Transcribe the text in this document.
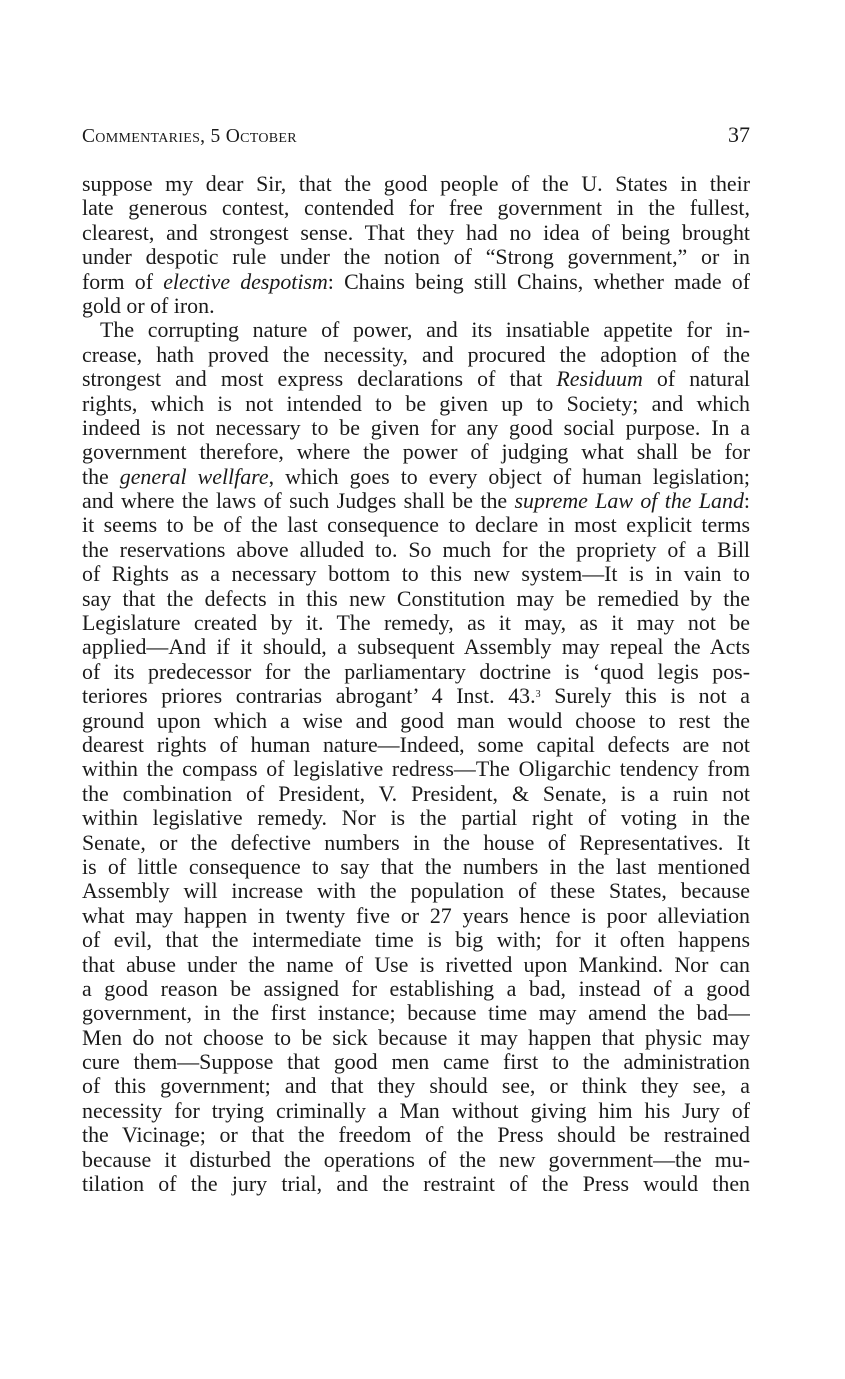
Commentaries, 5 October	37
suppose my dear Sir, that the good people of the U. States in their
late generous contest, contended for free government in the fullest,
clearest, and strongest sense. That they had no idea of being brought
under despotic rule under the notion of “Strong government,” or in
form of elective despotism: Chains being still Chains, whether made of
gold or of iron.
The corrupting nature of power, and its insatiable appetite for in-
crease, hath proved the necessity, and procured the adoption of the
strongest and most express declarations of that Residuum of natural
rights, which is not intended to be given up to Society; and which
indeed is not necessary to be given for any good social purpose. In a
government therefore, where the power of judging what shall be for
the general wellfare, which goes to every object of human legislation;
and where the laws of such Judges shall be the supreme Law of the Land:
it seems to be of the last consequence to declare in most explicit terms
the reservations above alluded to. So much for the propriety of a Bill
of Rights as a necessary bottom to this new system—It is in vain to
say that the defects in this new Constitution may be remedied by the
Legislature created by it. The remedy, as it may, as it may not be
applied—And if it should, a subsequent Assembly may repeal the Acts
of its predecessor for the parliamentary doctrine is ‘quod legis pos-
teriores priores contrarias abrogant’ 4 Inst. 43.$^3$ Surely this is not a
ground upon which a wise and good man would choose to rest the
dearest rights of human nature—Indeed, some capital defects are not
within the compass of legislative redress—The Oligarchic tendency from
the combination of President, V. President, & Senate, is a ruin not
within legislative remedy. Nor is the partial right of voting in the
Senate, or the defective numbers in the house of Representatives. It
is of little consequence to say that the numbers in the last mentioned
Assembly will increase with the population of these States, because
what may happen in twenty five or 27 years hence is poor alleviation
of evil, that the intermediate time is big with; for it often happens
that abuse under the name of Use is rivetted upon Mankind. Nor can
a good reason be assigned for establishing a bad, instead of a good
government, in the first instance; because time may amend the bad—
Men do not choose to be sick because it may happen that physic may
cure them—Suppose that good men came first to the administration
of this government; and that they should see, or think they see, a
necessity for trying criminally a Man without giving him his Jury of
the Vicinage; or that the freedom of the Press should be restrained
because it disturbed the operations of the new government—the mu-
tilation of the jury trial, and the restraint of the Press would then
